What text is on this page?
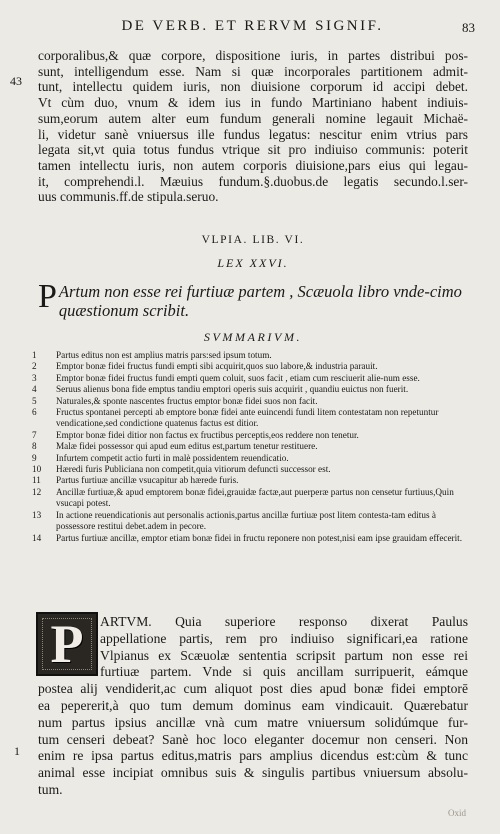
DE VERB. ET RERVM SIGNIF.	83
43
1
corporalibus,& quæ corpore, dispositione iuris, in partes distribui pos-
sunt, intelligendum esse. Nam si quæ incorporales partitionem admit-
tunt, intellectu quidem iuris, non diuisione corporum id accipi debet.
Vt cùm duo, vnum & idem ius in fundo Martiniano habent indiuis-
sum,eorum autem alter eum fundum generali nomine legauit Michaë-
li, videtur sanè vniuersus ille fundus legatus: nescitur enim vtrius pars
legata sit,vt quia totus fundus vtrique sit pro indiuiso communis: poterit
tamen intellectu iuris, non autem corporis diuisione,pars eius qui legau-
it, comprehendi.l. Mæuius fundum.§.duobus.de legatis secundo.l.ser-
uus communis.ff.de stipula.seruo.
VLPIA. LIB. VI.
LEX XXVI.
P Artum non esse rei furtiuæ partem , Scæuola libro vnde-cimo quæstionum scribit.
SVMMARIVM.
1	Partus editus non est amplius matris pars:sed ipsum totum.
2	Emptor bonæ fidei fructus fundi empti sibi acquirit,quos suo labore,& industria parauit.
3	Emptor bonæ fidei fructus fundi empti quem coluit, suos facit , etiam cum resciuerit alie-num esse.
4	Seruus alienus bona fide emptus tandiu emptori operis suis acquirit , quandiu euictus non fuerit.
5	Naturales,& sponte nascentes fructus emptor bonæ fidei suos non facit.
6	Fructus spontanei percepti ab emptore bonæ fidei ante euincendi fundi litem contestatam non repetuntur vendicatione,sed condictione quatenus factus est ditior.
7	Emptor bonæ fidei ditior non factus ex fructibus perceptis,eos reddere non tenetur.
8	Malæ fidei possessor qui apud eum editus est,partum tenetur restituere.
9	Infurtem competit actio furti in malè possidentem reuendicatio.
10	Hæredi furis Publiciana non competit,quia vitiorum defuncti successor est.
11	Partus furtiuæ ancillæ vsucapitur ab hærede furis.
12	Ancillæ furtiuæ,& apud emptorem bonæ fidei,grauidæ factæ,aut puerperæ partus non censetur furtiuus,Quin vsucapi potest.
13	In actione reuendicationis aut personalis actionis,partus ancillæ furtiuæ post litem contesta-tam editus à possessore restitui debet.adem in pecore.
14	Partus furtiuæ ancillæ, emptor etiam bonæ fidei in fructu reponere non potest,nisi eam ipse grauidam effecerit.
P ARTVM. Quia superiore responso dixerat Paulus
appellatione partis, rem pro indiuiso significari,ea ratione
Vlpianus ex Scæuolæ sententia scripsit partum non esse rei
furtiuæ partem. Vnde si quis ancillam surripuerit, eámque
postea alij vendiderit,ac cum aliquot post dies apud bonæ fidei emptorē
ea pepererit,à quo tum demum dominus eam vindicauit. Quærebatur
num partus ipsius ancillæ vnà cum matre vniuersum solidúmque fur-
tum censeri debeat? Sanè hoc loco eleganter docemur non censeri. Non
enim re ipsa partus editus,matris pars amplius dicendus est:cùm & tunc
animal esse incipiat omnibus suis & singulis partibus vniuersum absolu-
tum.
Oxid
